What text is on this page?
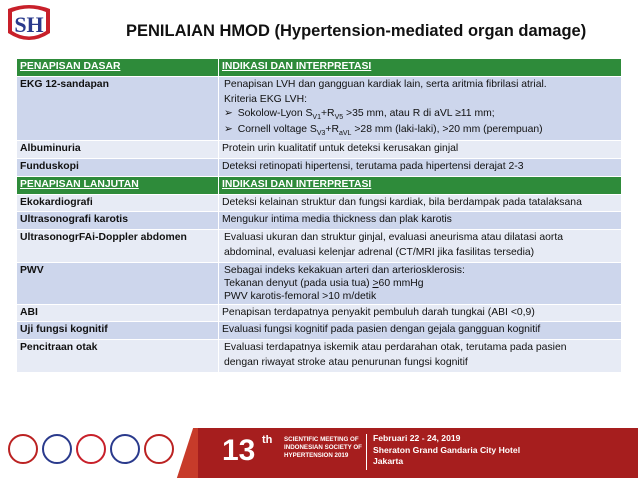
SH	PENILAIAN HMOD (Hypertension-mediated organ damage)
PENAPISAN DASAR	INDIKASI DAN INTERPRETASI
EKG 12-sandapan	Penapisan LVH dan gangguan kardiak lain, serta aritmia fibrilasi atrial.
Kriteria EKG LVH:
➢ Sokolow-Lyon $S_{V1}+R_{V5} >35$ mm, atau R di aVL ≥11 mm;
➢ Cornell voltage $S_{V3}+R_{aVL} >28$ mm (laki-laki), >20 mm (perempuan)

Albuminuria	Protein urin kualitatif untuk deteksi kerusakan ginjal
Funduskopi	Deteksi retinopati hipertensi, terutama pada hipertensi derajat 2-3
PENAPISAN LANJUTAN	INDIKASI DAN INTERPRETASI
Ekokardiografi	Deteksi kelainan struktur dan fungsi kardiak, bila berdampak pada tatalaksana
Ultrasonografi karotis	Mengukur intima media thickness dan plak karotis
UltrasonogrFAi-Doppler abdomen	Evaluasi ukuran dan struktur ginjal, evaluasi aneurisma atau dilatasi aorta
abdominal, evaluasi kelenjar adrenal (CT/MRI jika fasilitas tersedia)

PWV	Sebagai indeks kekakuan arteri dan arteriosklerosis:
Tekanan denyut (pada usia tua) >60 mmHg
PWV karotis-femoral >10 m/detik

ABI	Penapisan terdapatnya penyakit pembuluh darah tungkai (ABI <0,9)
Uji fungsi kognitif	Evaluasi fungsi kognitif pada pasien dengan gejala gangguan kognitif
Pencitraan otak	Evaluasi terdapatnya iskemik atau perdarahan otak, terutama pada pasien
dengan riwayat stroke atau penurunan fungsi kognitif
13 th SCIENTIFIC MEETING OF INDONESIAN SOCIETY OF HYPERTENSION 2019
Februari 22 - 24, 2019
Sheraton Grand Gandaria City Hotel
Jakarta
